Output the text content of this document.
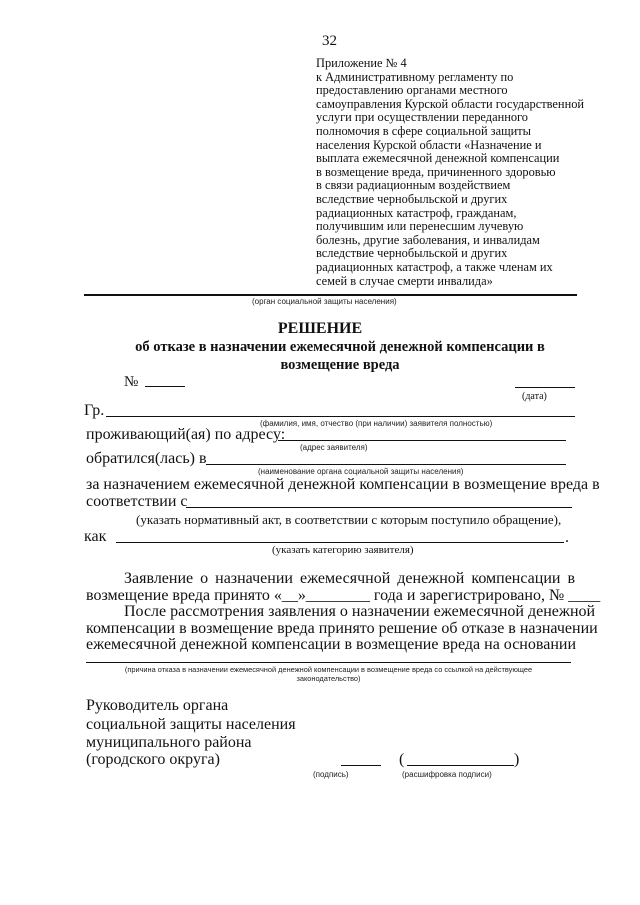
32
Приложение № 4
к Административному регламенту по
предоставлению органами местного
самоуправления Курской области государственной
услуги при осуществлении переданного
полномочия в сфере социальной защиты
населения Курской области «Назначение и
выплата ежемесячной денежной компенсации
в возмещение вреда, причиненного здоровью
в связи радиационным воздействием
вследствие чернобыльской и других
радиационных катастроф, гражданам,
получившим или перенесшим лучевую
болезнь, другие заболевания, и инвалидам
вследствие чернобыльской и других
радиационных катастроф, а также членам их
семей в случае смерти инвалида»
(орган социальной защиты населения)
РЕШЕНИЕ
об отказе в назначении ежемесячной денежной компенсации в
возмещение вреда
№
(дата)
Гр.
(фамилия, имя, отчество (при наличии) заявителя полностью)
проживающий(ая) по адресу:
(адрес заявителя)
обратился(лась) в
(наименование органа социальной защиты населения)
за назначением ежемесячной денежной компенсации в возмещение вреда в
соответствии с
(указать нормативный акт, в соответствии с которым поступило обращение),
как	.
(указать категорию заявителя)
Заявление о назначении ежемесячной денежной компенсации в
возмещение вреда принято «__»________ года и зарегистрировано, № ____
После рассмотрения заявления о назначении ежемесячной денежной
компенсации в возмещение вреда принято решение об отказе в назначении
ежемесячной денежной компенсации в возмещение вреда на основании
(причина отказа в назначении ежемесячной денежной компенсации в возмещение вреда со ссылкой на действующее
законодательство)
Руководитель органа
социальной защиты населения
муниципального района
(городского округа)
(подпись)
(	)
(расшифровка подписи)
